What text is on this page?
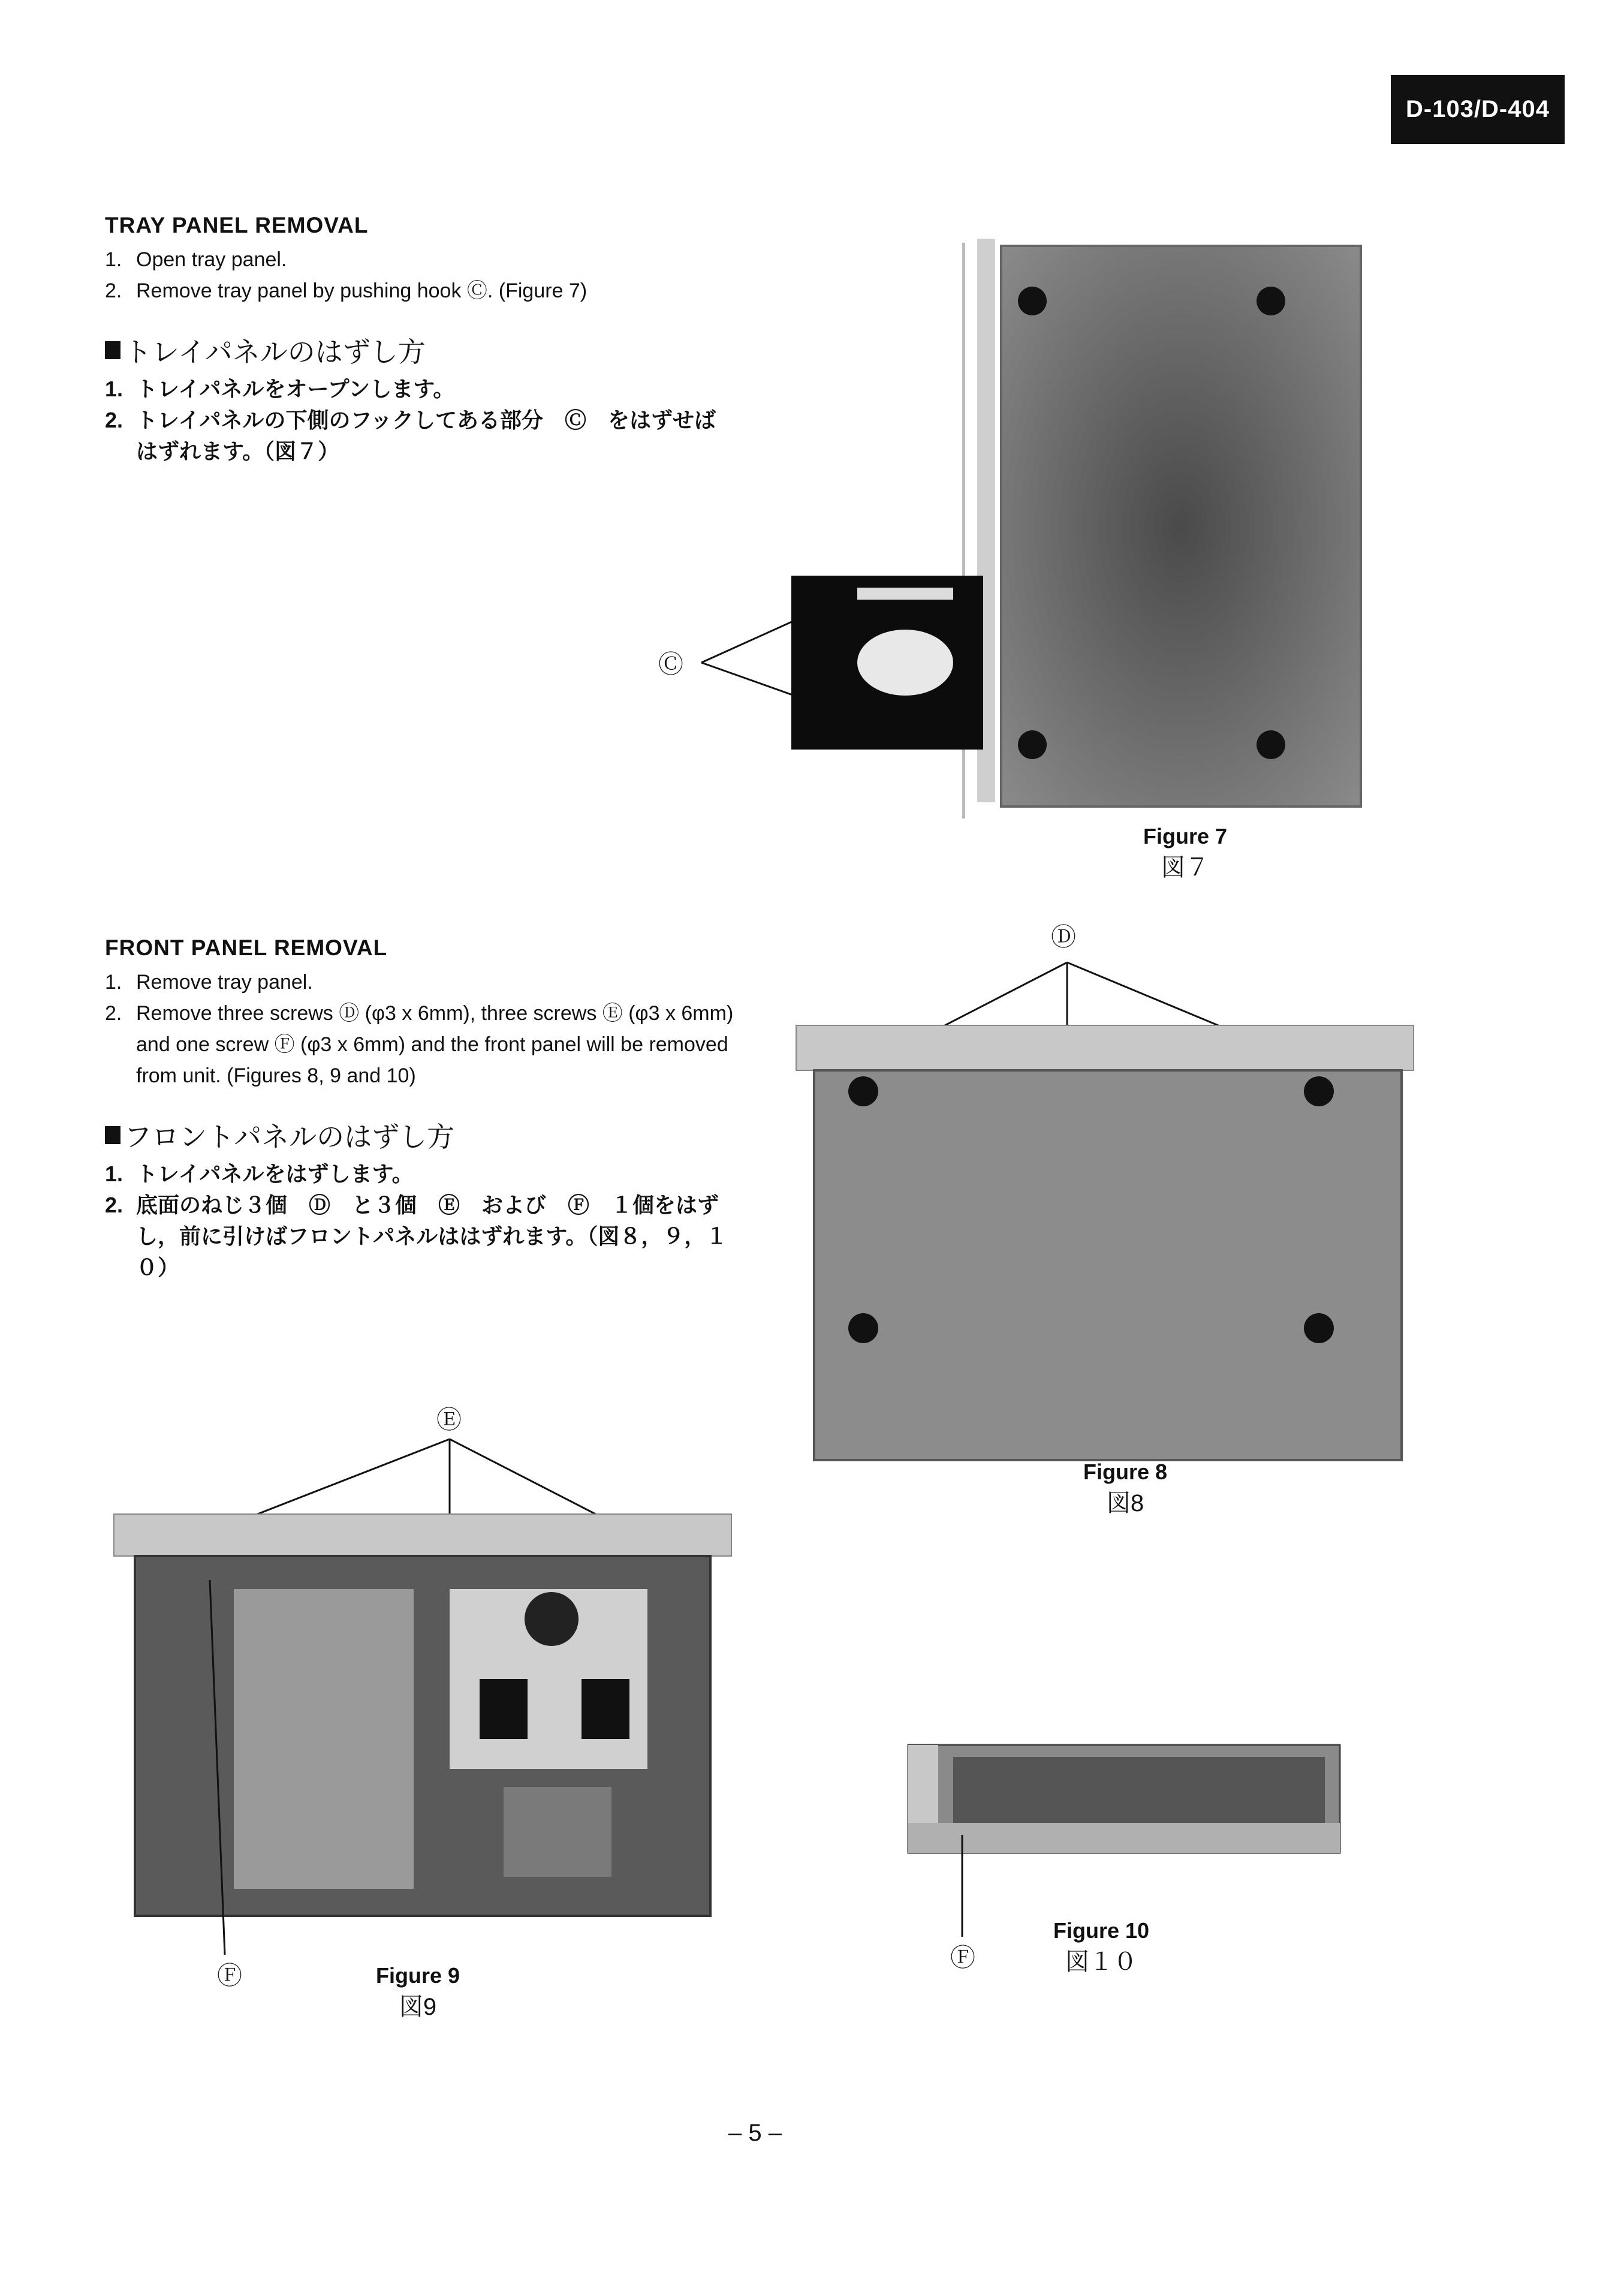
D-103/D-404
TRAY PANEL REMOVAL
1. Open tray panel.
2. Remove tray panel by pushing hook Ⓒ. (Figure 7)
トレイパネルのはずし方
1. トレイパネルをオープンします。
2. トレイパネルの下側のフックしてある部分　Ⓒ　をはずせばはずれます。（図７）
FRONT PANEL REMOVAL
1. Remove tray panel.
2. Remove three screws Ⓓ (φ3 x 6mm), three screws Ⓔ (φ3 x 6mm) and one screw Ⓕ (φ3 x 6mm) and the front panel will be removed from unit. (Figures 8, 9 and 10)
フロントパネルのはずし方
1. トレイパネルをはずします。
2. 底面のねじ３個　Ⓓ　と３個　Ⓔ　および　Ⓕ　１個をはずし，前に引けばフロントパネルははずれます。（図８，９，１０）
Ⓒ
Figure 7
図７
Ⓓ
Figure 8
図8
Ⓔ
Ⓕ	Figure 9
図9
Ⓕ
Figure 10
図１０
– 5 –
